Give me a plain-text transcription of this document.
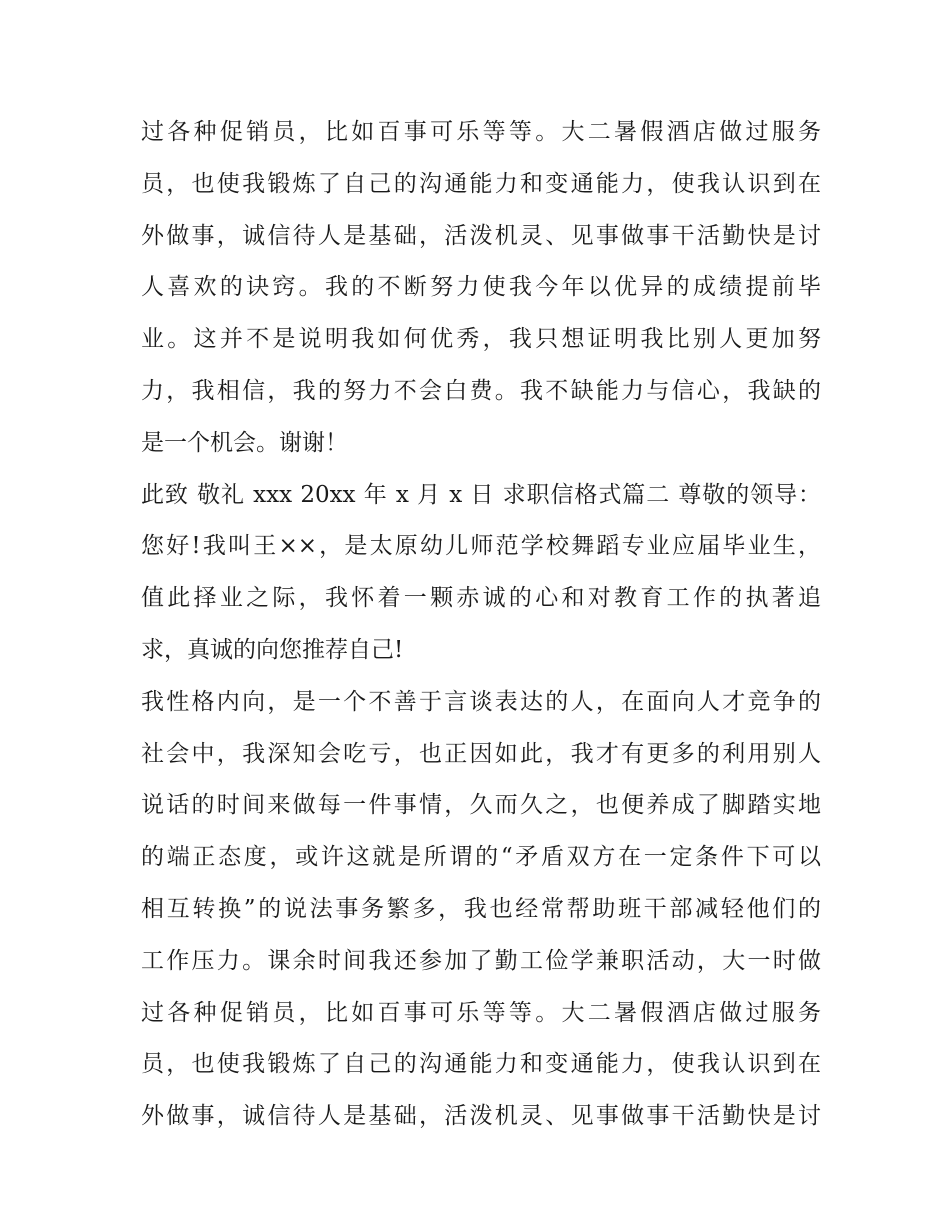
过各种促销员，比如百事可乐等等。大二暑假酒店做过服务
员，也使我锻炼了自己的沟通能力和变通能力，使我认识到在
外做事，诚信待人是基础，活泼机灵、见事做事干活勤快是讨
人喜欢的诀窍。我的不断努力使我今年以优异的成绩提前毕
业。这并不是说明我如何优秀，我只想证明我比别人更加努
力，我相信，我的努力不会白费。我不缺能力与信心，我缺的
是一个机会。谢谢！
此致 敬礼 xxx 20xx 年 x 月 x 日 求职信格式篇二 尊敬的领导：
您好!我叫王××，是太原幼儿师范学校舞蹈专业应届毕业生，
值此择业之际，我怀着一颗赤诚的心和对教育工作的执著追
求，真诚的向您推荐自己!
我性格内向，是一个不善于言谈表达的人，在面向人才竞争的
社会中，我深知会吃亏，也正因如此，我才有更多的利用别人
说话的时间来做每一件事情，久而久之，也便养成了脚踏实地
的端正态度，或许这就是所谓的“矛盾双方在一定条件下可以
相互转换”的说法事务繁多，我也经常帮助班干部减轻他们的
工作压力。课余时间我还参加了勤工俭学兼职活动，大一时做
过各种促销员，比如百事可乐等等。大二暑假酒店做过服务
员，也使我锻炼了自己的沟通能力和变通能力，使我认识到在
外做事，诚信待人是基础，活泼机灵、见事做事干活勤快是讨
